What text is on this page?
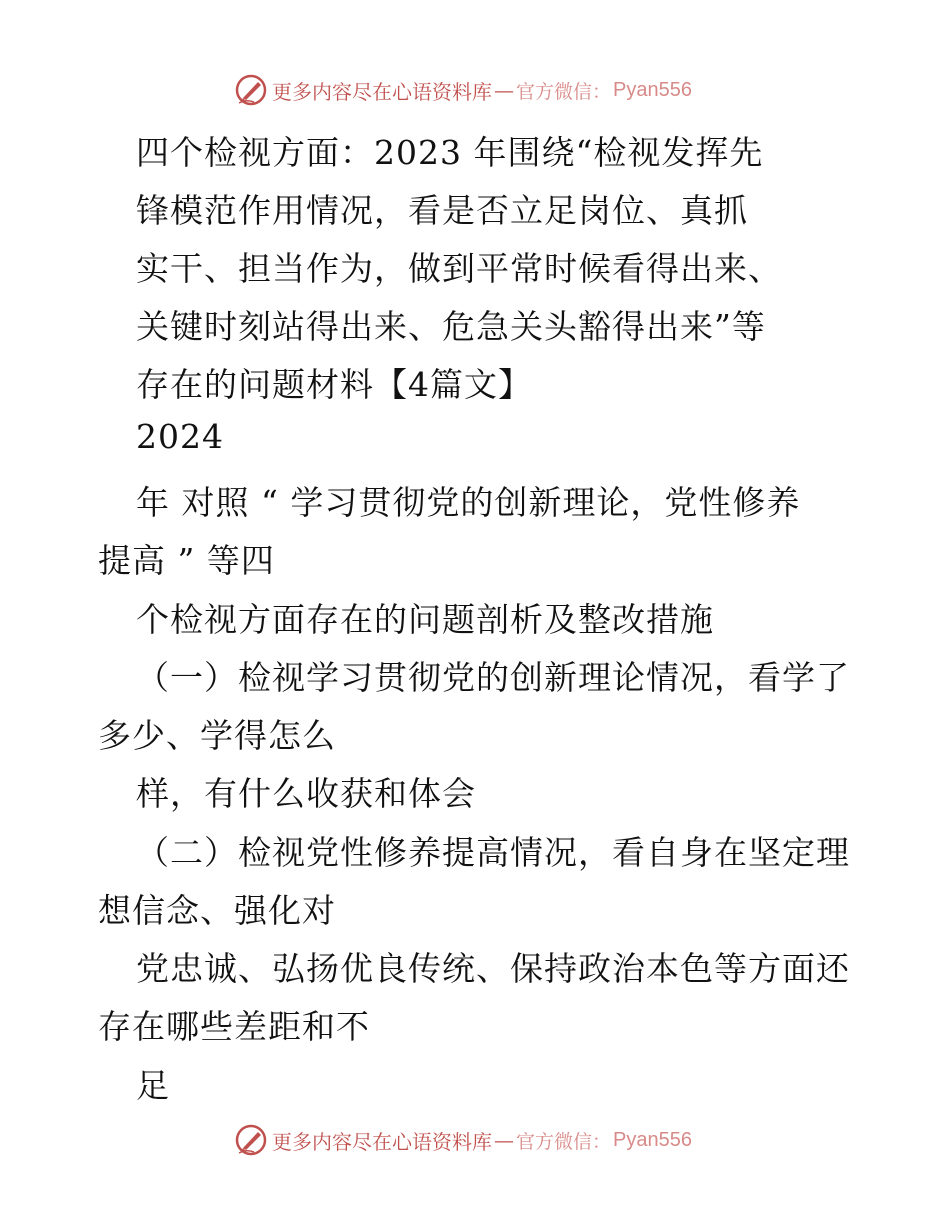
更多内容尽在心语资料库 — 官方微信： Pyan556
四个检视方面：2023 年围绕“检视发挥先
锋模范作用情况，看是否立足岗位、真抓
实干、担当作为，做到平常时候看得出来、
关键时刻站得出来、危急关头豁得出来”等
存在的问题材料【4篇文】
2024
年 对照 “ 学习贯彻党的创新理论，党性修养
提高 ” 等四
个检视方面存在的问题剖析及整改措施
（一）检视学习贯彻党的创新理论情况，看学了
多少、学得怎么
样，有什么收获和体会
（二）检视党性修养提高情况，看自身在坚定理
想信念、强化对
党忠诚、弘扬优良传统、保持政治本色等方面还
存在哪些差距和不
足
更多内容尽在心语资料库 — 官方微信： Pyan556
